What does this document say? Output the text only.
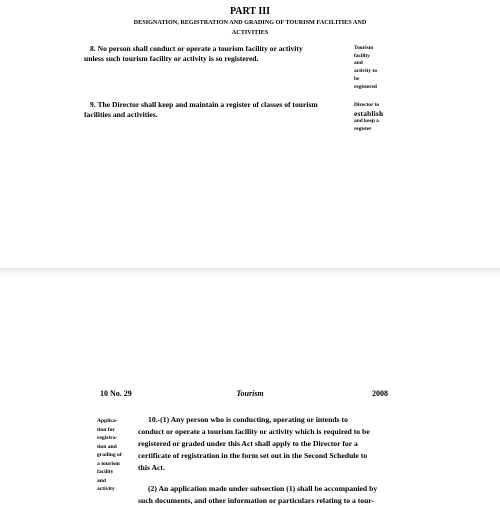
PART III
DESIGNATION, REGISTRATION AND GRADING OF TOURISM FACILITIES AND
ACTIVITIES
8. No person shall conduct or operate a tourism facility or activity
unless such tourism facility or activity is so registered.
Tourism
facility
and
activity to
be
registered
9. The Director shall keep and maintain a register of classes of tourism
facilities and activities.
Director to
establish
and keep a
register
10 No. 29	Tourism	2008
Applica-
tion for
registra-
tion and
grading of
a tourism
facility
and
activity
10.-(1) Any person who is conducting, operating or intends to
conduct or operate a tourism facility or activity which is required to be
registered or graded under this Act shall apply to the Director for a
certificate of registration in the form set out in the Second Schedule to
this Act.
(2) An application made under subsection (1) shall be accompanied by
such documents, and other information or particulars relating to a tour-
